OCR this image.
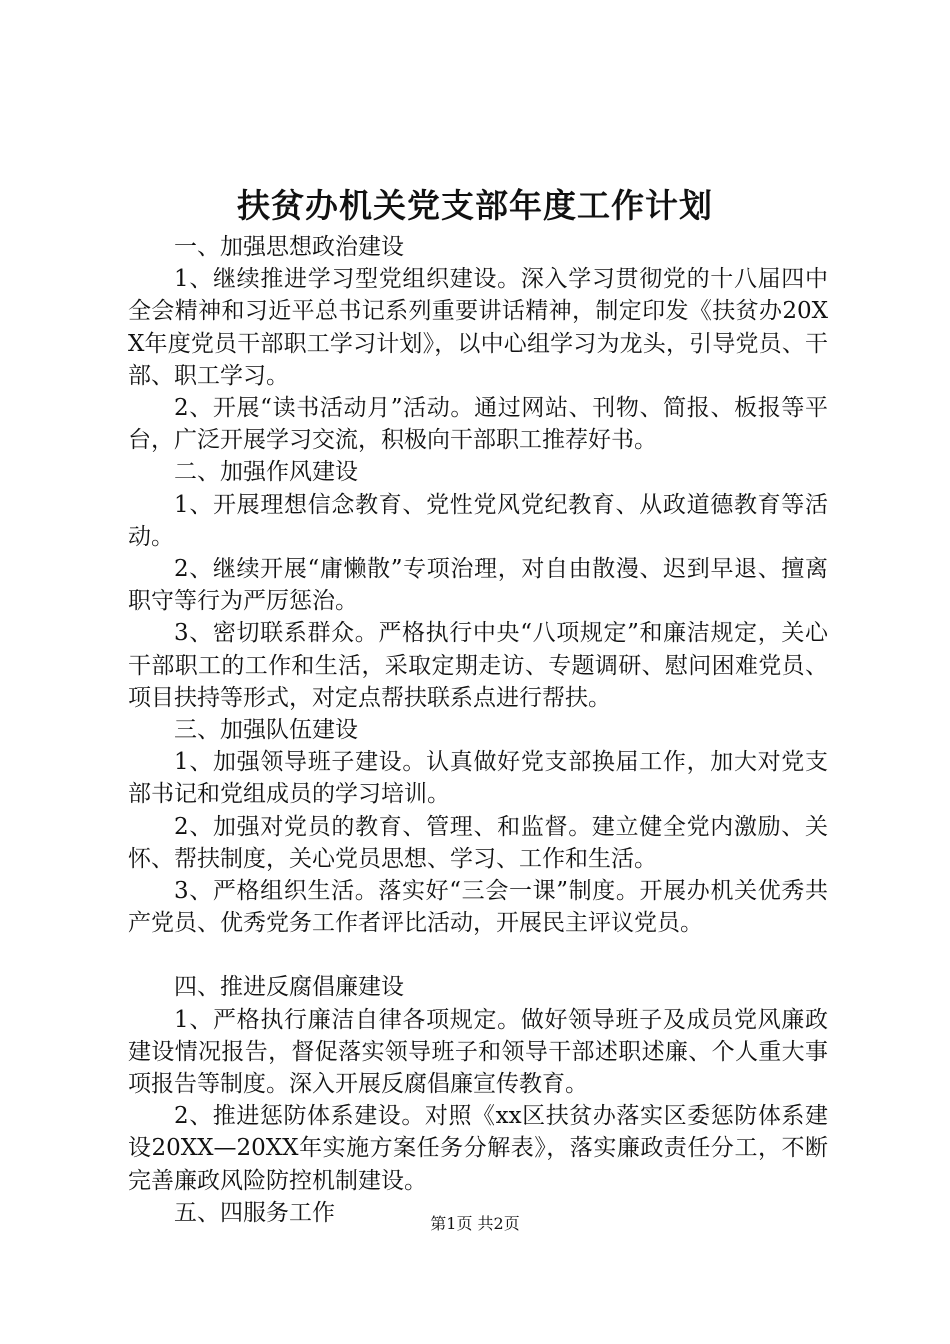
扶贫办机关党支部年度工作计划

一、加强思想政治建设

1、继续推进学习型党组织建设。深入学习贯彻党的十八届四中全会精神和习近平总书记系列重要讲话精神，制定印发《扶贫办20XX年度党员干部职工学习计划》，以中心组学习为龙头，引导党员、干部、职工学习。

2、开展“读书活动月”活动。通过网站、刊物、简报、板报等平台，广泛开展学习交流，积极向干部职工推荐好书。

二、加强作风建设

1、开展理想信念教育、党性党风党纪教育、从政道德教育等活动。

2、继续开展“庸懒散”专项治理，对自由散漫、迟到早退、擅离职守等行为严厉惩治。

3、密切联系群众。严格执行中央“八项规定”和廉洁规定，关心干部职工的工作和生活，采取定期走访、专题调研、慰问困难党员、项目扶持等形式，对定点帮扶联系点进行帮扶。

三、加强队伍建设

1、加强领导班子建设。认真做好党支部换届工作，加大对党支部书记和党组成员的学习培训。

2、加强对党员的教育、管理、和监督。建立健全党内激励、关怀、帮扶制度，关心党员思想、学习、工作和生活。

3、严格组织生活。落实好“三会一课”制度。开展办机关优秀共产党员、优秀党务工作者评比活动，开展民主评议党员。

四、推进反腐倡廉建设

1、严格执行廉洁自律各项规定。做好领导班子及成员党风廉政建设情况报告，督促落实领导班子和领导干部述职述廉、个人重大事项报告等制度。深入开展反腐倡廉宣传教育。

2、推进惩防体系建设。对照《xx区扶贫办落实区委惩防体系建设20XX—20XX年实施方案任务分解表》，落实廉政责任分工，不断完善廉政风险防控机制建设。

五、四服务工作	第1页 共2页
